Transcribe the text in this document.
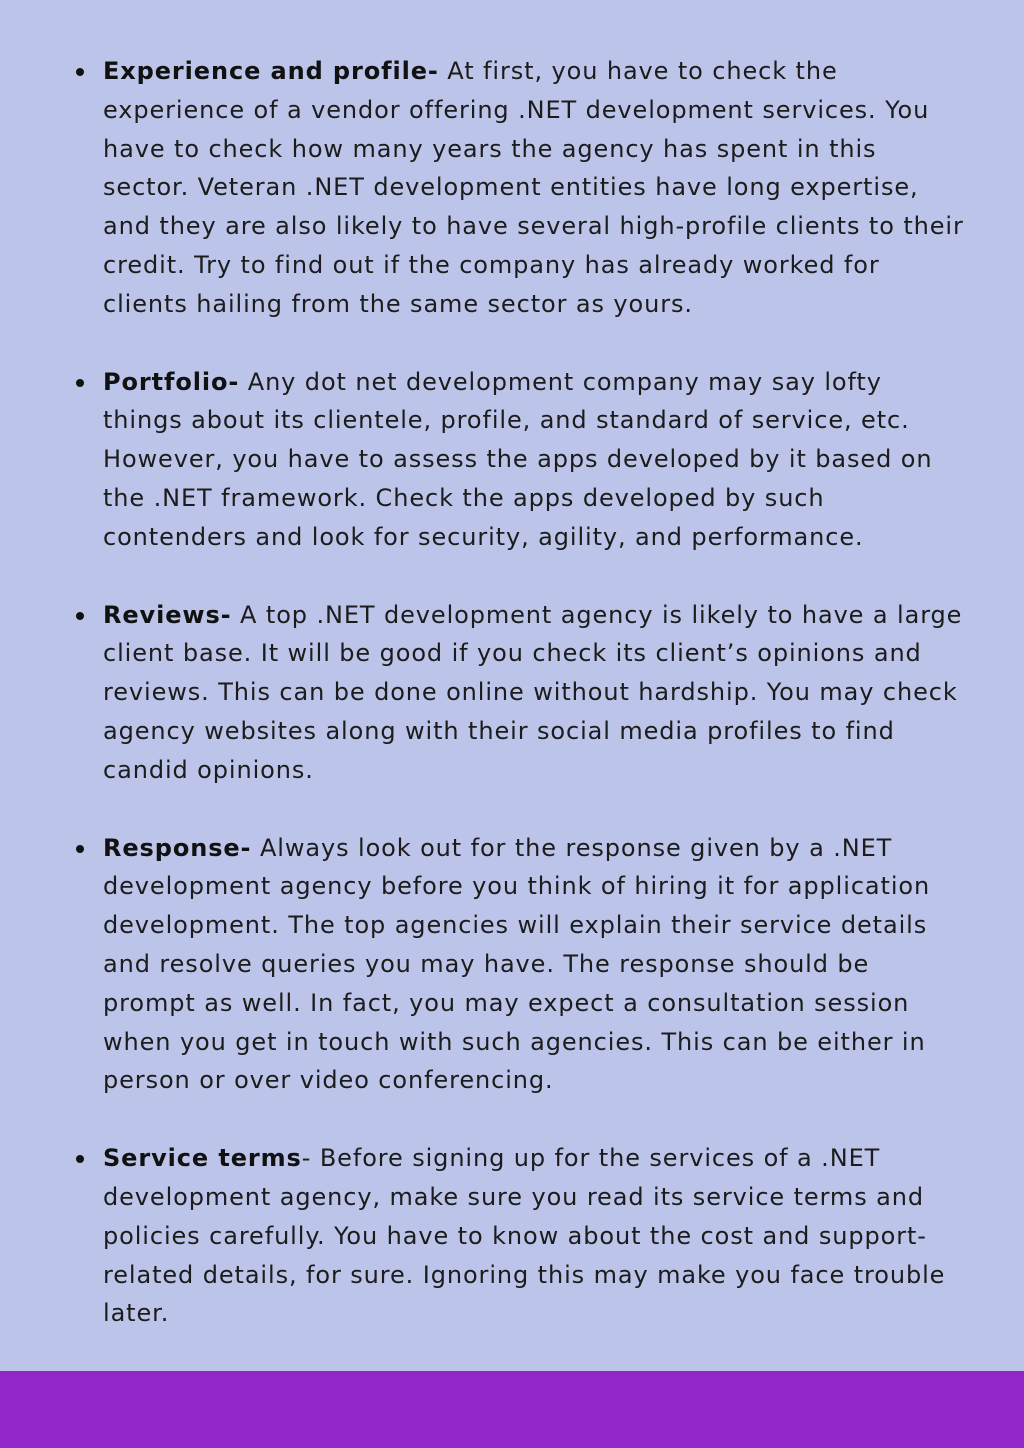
Experience and profile- At first, you have to check the experience of a vendor offering .NET development services. You have to check how many years the agency has spent in this sector. Veteran .NET development entities have long expertise, and they are also likely to have several high-profile clients to their credit. Try to find out if the company has already worked for clients hailing from the same sector as yours.

Portfolio- Any dot net development company may say lofty things about its clientele, profile, and standard of service, etc. However, you have to assess the apps developed by it based on the .NET framework. Check the apps developed by such contenders and look for security, agility, and performance.

Reviews- A top .NET development agency is likely to have a large client base. It will be good if you check its client’s opinions and reviews. This can be done online without hardship. You may check agency websites along with their social media profiles to find candid opinions.

Response- Always look out for the response given by a .NET development agency before you think of hiring it for application development. The top agencies will explain their service details and resolve queries you may have. The response should be prompt as well. In fact, you may expect a consultation session when you get in touch with such agencies. This can be either in person or over video conferencing.

Service terms- Before signing up for the services of a .NET development agency, make sure you read its service terms and policies carefully. You have to know about the cost and support-related details, for sure. Ignoring this may make you face trouble later.
